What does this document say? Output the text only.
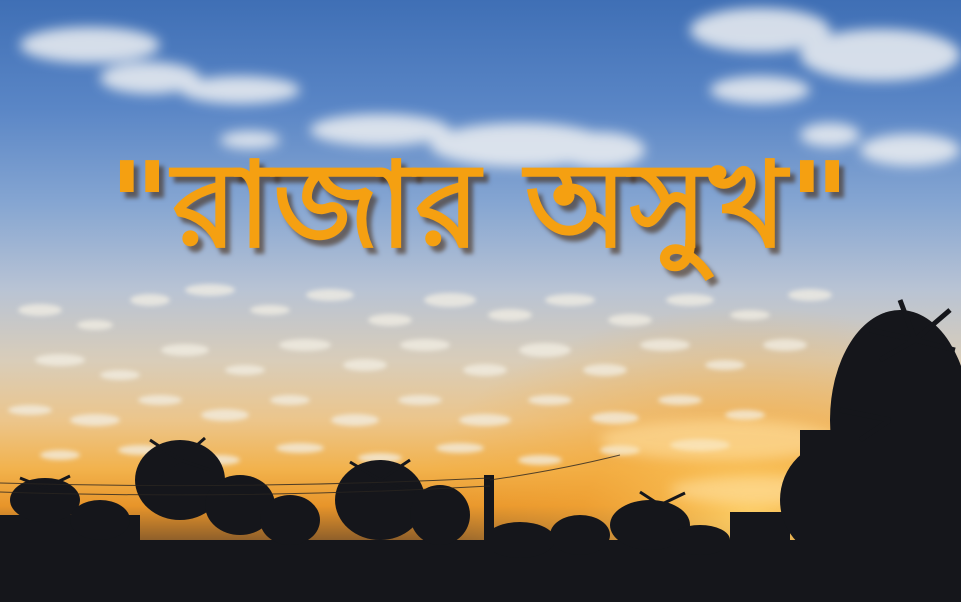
"রাজার অসুখ"
